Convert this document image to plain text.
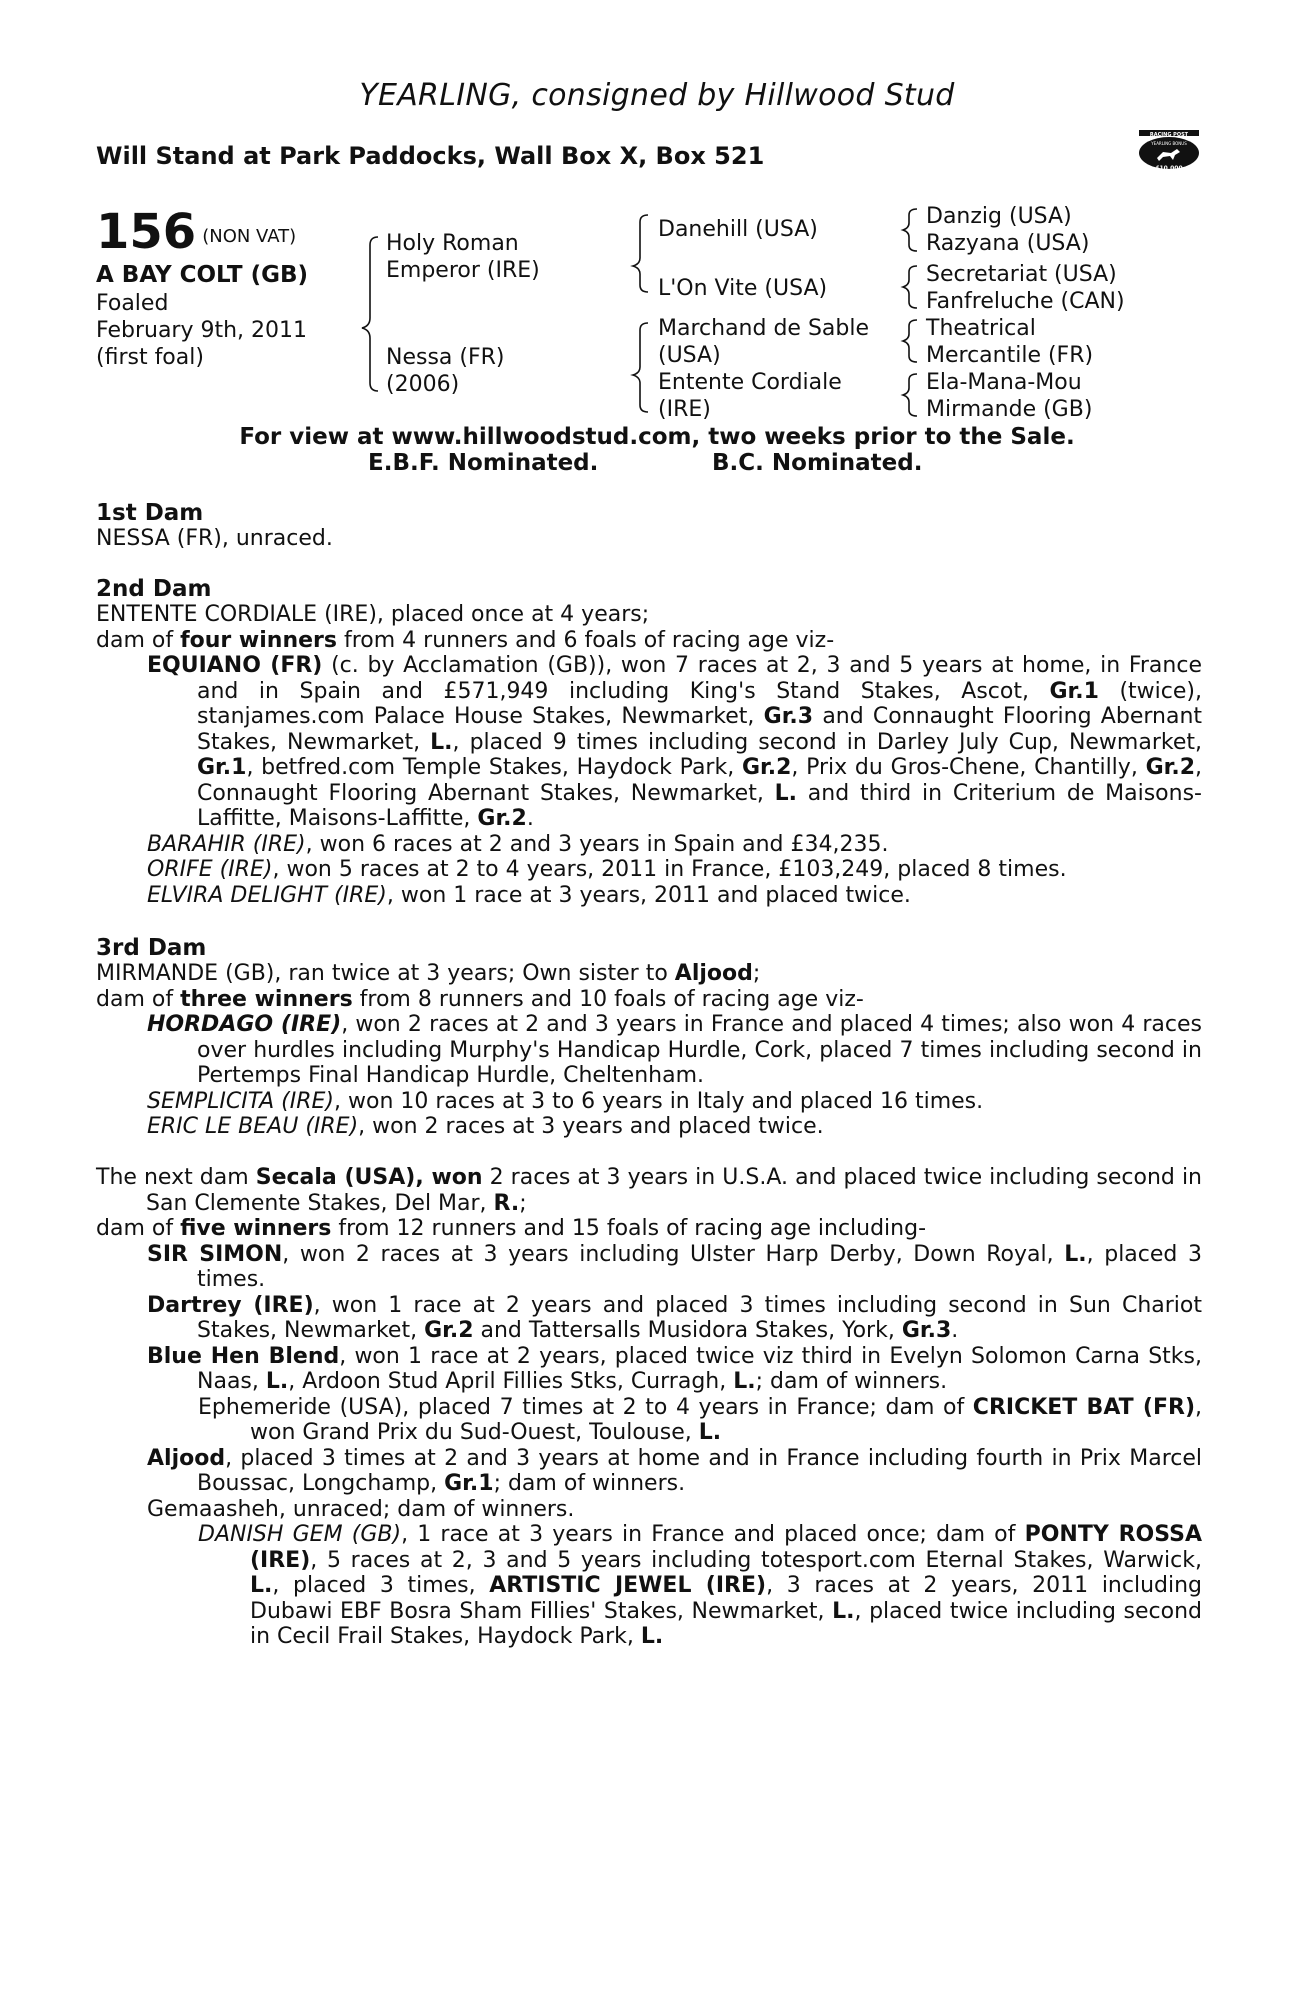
YEARLING, consigned by Hillwood Stud
Will Stand at Park Paddocks, Wall Box X, Box 521
RACING POST
YEARLING BONUS
£10,000
156 (NON VAT)
A BAY COLT (GB)
Foaled
February 9th, 2011
(first foal)
Holy Roman
Emperor (IRE)
Nessa (FR)
(2006)
Danehill (USA)
L'On Vite (USA)
Marchand de Sable
(USA)
Entente Cordiale
(IRE)
Danzig (USA)
Razyana (USA)
Secretariat (USA)
Fanfreluche (CAN)
Theatrical
Mercantile (FR)
Ela-Mana-Mou
Mirmande (GB)
For view at www.hillwoodstud.com, two weeks prior to the Sale.
E.B.F. Nominated.	B.C. Nominated.
1st Dam

NESSA (FR), unraced.

2nd Dam

ENTENTE CORDIALE (IRE), placed once at 4 years;

dam of four winners from 4 runners and 6 foals of racing age viz-

EQUIANO (FR) (c. by Acclamation (GB)), won 7 races at 2, 3 and 5 years at home, in France and in Spain and £571,949 including King's Stand Stakes, Ascot, Gr.1 (twice), stanjames.com Palace House Stakes, Newmarket, Gr.3 and Connaught Flooring Abernant Stakes, Newmarket, L., placed 9 times including second in Darley July Cup, Newmarket, Gr.1, betfred.com Temple Stakes, Haydock Park, Gr.2, Prix du Gros-Chene, Chantilly, Gr.2, Connaught Flooring Abernant Stakes, Newmarket, L. and third in Criterium de Maisons-Laffitte, Maisons-Laffitte, Gr.2.

BARAHIR (IRE), won 6 races at 2 and 3 years in Spain and £34,235.

ORIFE (IRE), won 5 races at 2 to 4 years, 2011 in France, £103,249, placed 8 times.

ELVIRA DELIGHT (IRE), won 1 race at 3 years, 2011 and placed twice.

3rd Dam

MIRMANDE (GB), ran twice at 3 years; Own sister to Aljood;

dam of three winners from 8 runners and 10 foals of racing age viz-

HORDAGO (IRE), won 2 races at 2 and 3 years in France and placed 4 times; also won 4 races over hurdles including Murphy's Handicap Hurdle, Cork, placed 7 times including second in Pertemps Final Handicap Hurdle, Cheltenham.

SEMPLICITA (IRE), won 10 races at 3 to 6 years in Italy and placed 16 times.

ERIC LE BEAU (IRE), won 2 races at 3 years and placed twice.

The next dam Secala (USA), won 2 races at 3 years in U.S.A. and placed twice including second in San Clemente Stakes, Del Mar, R.;

dam of five winners from 12 runners and 15 foals of racing age including-

SIR SIMON, won 2 races at 3 years including Ulster Harp Derby, Down Royal, L., placed 3 times.

Dartrey (IRE), won 1 race at 2 years and placed 3 times including second in Sun Chariot Stakes, Newmarket, Gr.2 and Tattersalls Musidora Stakes, York, Gr.3.

Blue Hen Blend, won 1 race at 2 years, placed twice viz third in Evelyn Solomon Carna Stks, Naas, L., Ardoon Stud April Fillies Stks, Curragh, L.; dam of winners.

Ephemeride (USA), placed 7 times at 2 to 4 years in France; dam of CRICKET BAT (FR), won Grand Prix du Sud-Ouest, Toulouse, L.

Aljood, placed 3 times at 2 and 3 years at home and in France including fourth in Prix Marcel Boussac, Longchamp, Gr.1; dam of winners.

Gemaasheh, unraced; dam of winners.

DANISH GEM (GB), 1 race at 3 years in France and placed once; dam of PONTY ROSSA (IRE), 5 races at 2, 3 and 5 years including totesport.com Eternal Stakes, Warwick, L., placed 3 times, ARTISTIC JEWEL (IRE), 3 races at 2 years, 2011 including Dubawi EBF Bosra Sham Fillies' Stakes, Newmarket, L., placed twice including second in Cecil Frail Stakes, Haydock Park, L.
